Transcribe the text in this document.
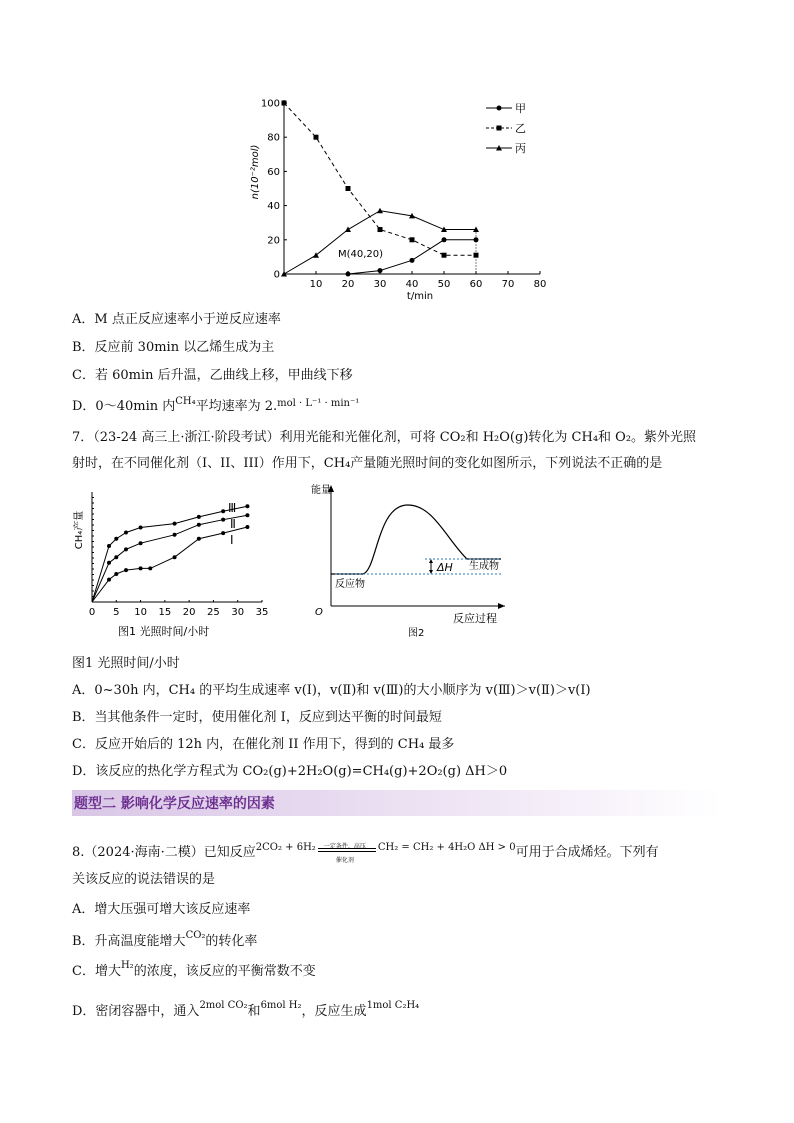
0
20
40
60
80
100
10 20 30 40 50 60 70 80
n(10⁻²mol)
t/min
M(40,20)
甲
乙
丙
A．M 点正反应速率小于逆反应速率
B．反应前 30min 以乙烯生成为主
C．若 60min 后升温，乙曲线上移，甲曲线下移
D．0～40min 内$^{CH_4}$平均速率为 2.$^{mol \cdot L^{-1} \cdot min^{-1}}$
7．（23-24 高三上·浙江·阶段考试）利用光能和光催化剂，可将 CO₂和 H₂O(g)转化为 CH₄和 O₂。紫外光照
射时，在不同催化剂（I、II、III）作用下，CH₄产量随光照时间的变化如图所示，下列说法不正确的是
0 5 10 15 20 25 30 35
CH₄产量
Ⅲ
Ⅱ
Ⅰ
图1 光照时间/小时
能量
O	反应过程
ΔH
反应物
生成物
图2
图1 光照时间/小时
A．0~30h 内，CH₄ 的平均生成速率 v(Ⅰ)，v(Ⅱ)和 v(Ⅲ)的大小顺序为 v(Ⅲ)＞v(Ⅱ)＞v(Ⅰ)
B．当其他条件一定时，使用催化剂 I，反应到达平衡的时间最短
C．反应开始后的 12h 内，在催化剂 II 作用下，得到的 CH₄ 最多
D．该反应的热化学方程式为 CO₂(g)+2H₂O(g)=CH₄(g)+2O₂(g) ΔH＞0
题型二 影响化学反应速率的因素
8.（2024·海南·二模）已知反应$^{2CO_2 + 6H_2}$ 一定条件、高压
催化剂
$^{CH_2 = CH_2 + 4H_2O \Delta H > 0}$可用于合成烯烃。下列有
关该反应的说法错误的是
A．增大压强可增大该反应速率
B．升高温度能增大$^{CO_2}$的转化率
C．增大$^{H_2}$的浓度，该反应的平衡常数不变
D．密闭容器中，通入$^{2mol CO_2}$和$^{6mol H_2}$，反应生成$^{1mol C_2H_4}$
